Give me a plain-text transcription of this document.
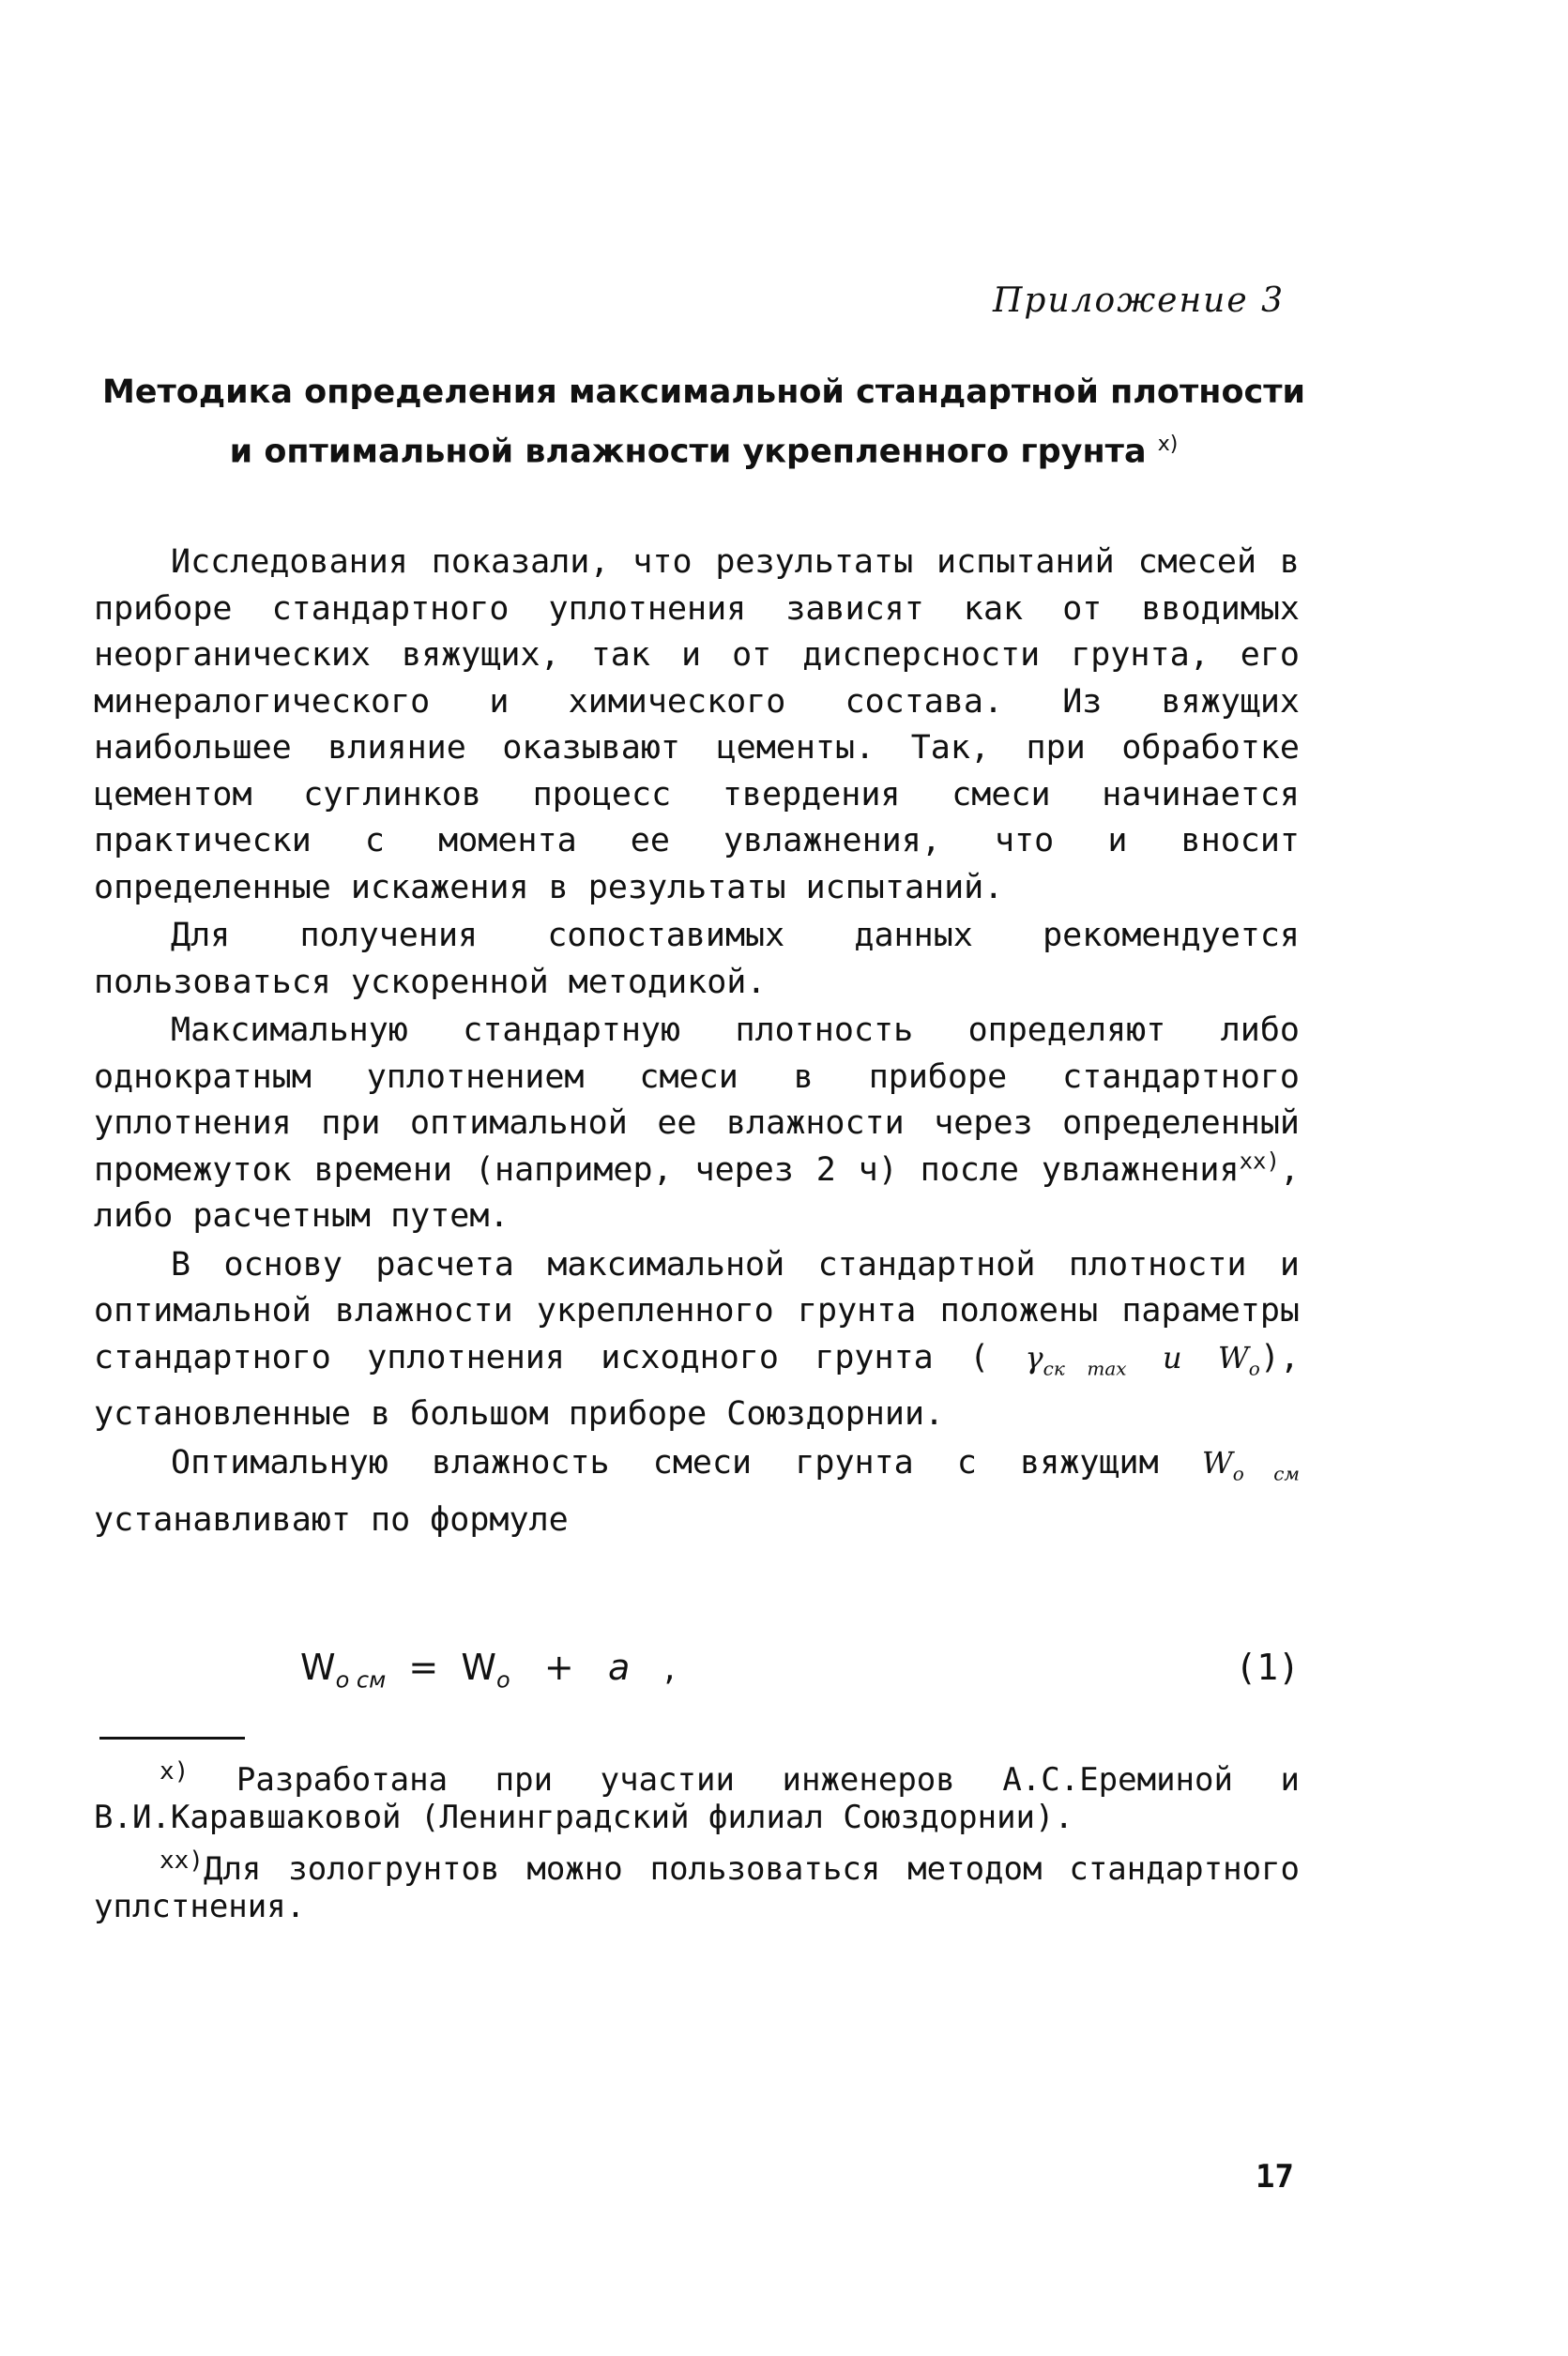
Приложение 3
Методика определения максимальной стандартной плотности
и оптимальной влажности укрепленного грунта $^{x)}$

Исследования показали, что результаты испытаний смесей в приборе стандартного уплотнения зависят как от вводимых неорганических вяжущих, так и от дисперсности грунта, его минералогического и химического состава. Из вяжущих наибольшее влияние оказывают цементы. Так, при обработке цементом суглинков процесс твердения смеси начинается практически с момента ее увлажнения, что и вносит определенные искажения в результаты испытаний.

Для получения сопоставимых данных рекомендуется пользоваться ускоренной методикой.

Максимальную стандартную плотность определяют либо однократным уплотнением смеси в приборе стандартного уплотнения при оптимальной ее влажности через определенный промежуток времени (например, через 2 ч) после увлажнения$^{xx)}$, либо расчетным путем.

В основу расчета максимальной стандартной плотности и оптимальной влажности укрепленного грунта положены параметры стандартного уплотнения исходного грунта ( $\gamma_{ск max}$ и $W_o$), установленные в большом приборе Союздорнии.

Оптимальную влажность смеси грунта с вяжущим $W_{o см}$ устанавливают по формуле

$W_{o см} = W_o + a$ ,	(1)

$^{x)}$ Разработана при участии инженеров А.С.Ереминой и В.И.Каравшаковой (Ленинградский филиал Союздорнии).

$^{xx)}$Для зологрунтов можно пользоваться методом стандартного уплстнения.

17
